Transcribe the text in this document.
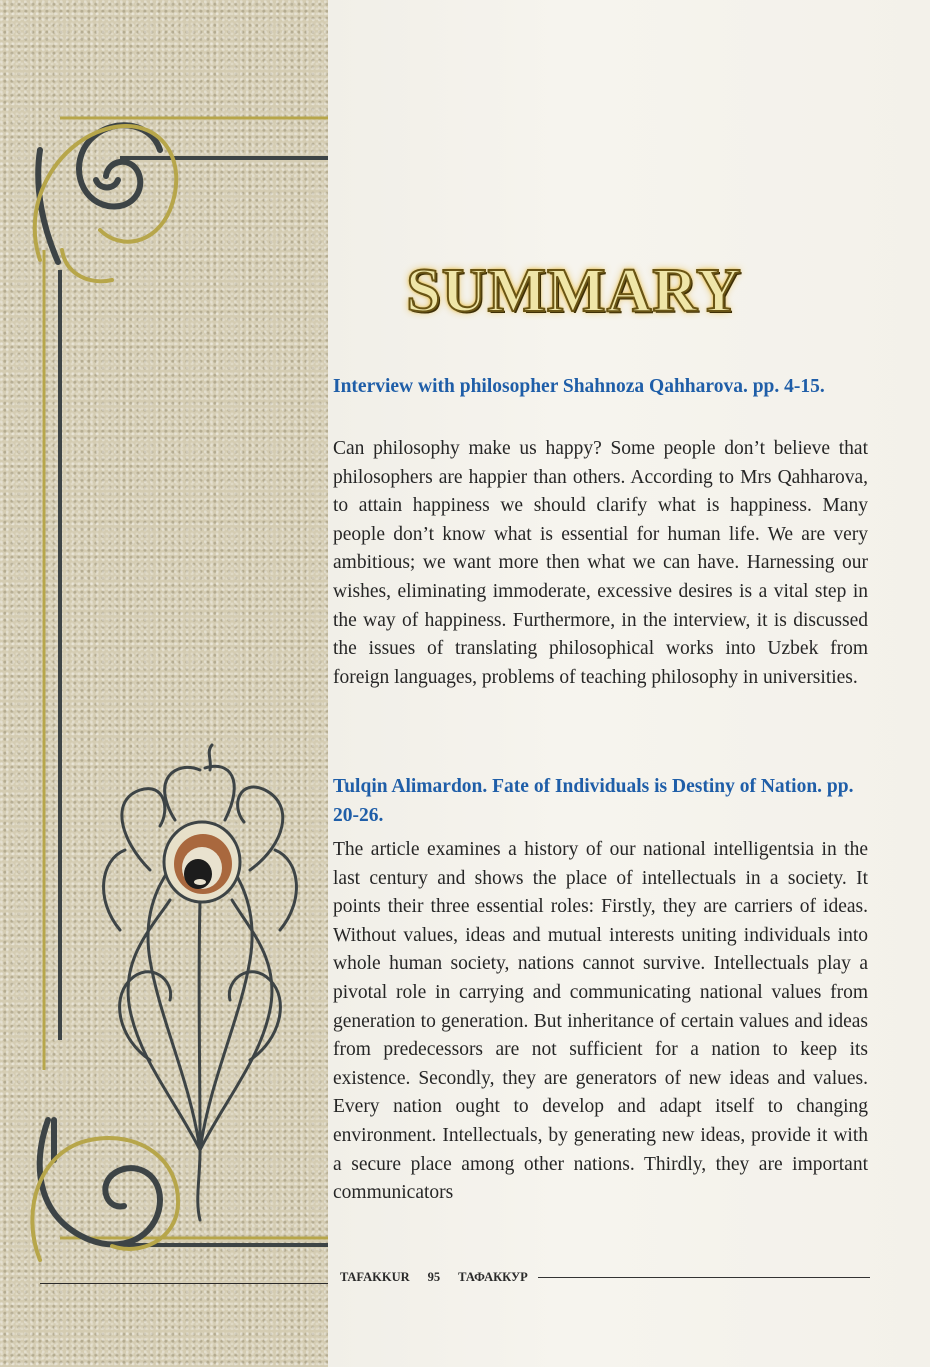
SUMMARY
Interview with philosopher Shahnoza Qahharova. pp. 4-15.
Can philosophy make us happy? Some people don’t believe that philosophers are happier than others. According to Mrs Qahharova, to attain happiness we should clarify what is happiness. Many people don’t know what is essential for human life. We are very ambitious; we want more then what we can have. Harnessing our wishes, eliminating immoderate, excessive desires is a vital step in the way of happiness. Furthermore, in the interview, it is discussed the issues of translating philosophical works into Uzbek from foreign languages, problems of teaching philosophy in universities.
Tulqin Alimardon. Fate of Individuals is Destiny of Nation. pp. 20-26.
The article examines a history of our national intelligentsia in the last century and shows the place of intellectuals in a society. It points their three essential roles: Firstly, they are carriers of ideas. Without values, ideas and mutual interests uniting individuals into whole human society, nations cannot survive. Intellectuals play a pivotal role in carrying and communicating national values from generation to generation. But inheritance of certain values and ideas from predecessors are not sufficient for a nation to keep its existence. Secondly, they are generators of new ideas and values. Every nation ought to develop and adapt itself to changing environment. Intellectuals, by generating new ideas, provide it with a secure place among other nations. Thirdly, they are important communicators
TAFAKKUR 95 ТАФАККУР
